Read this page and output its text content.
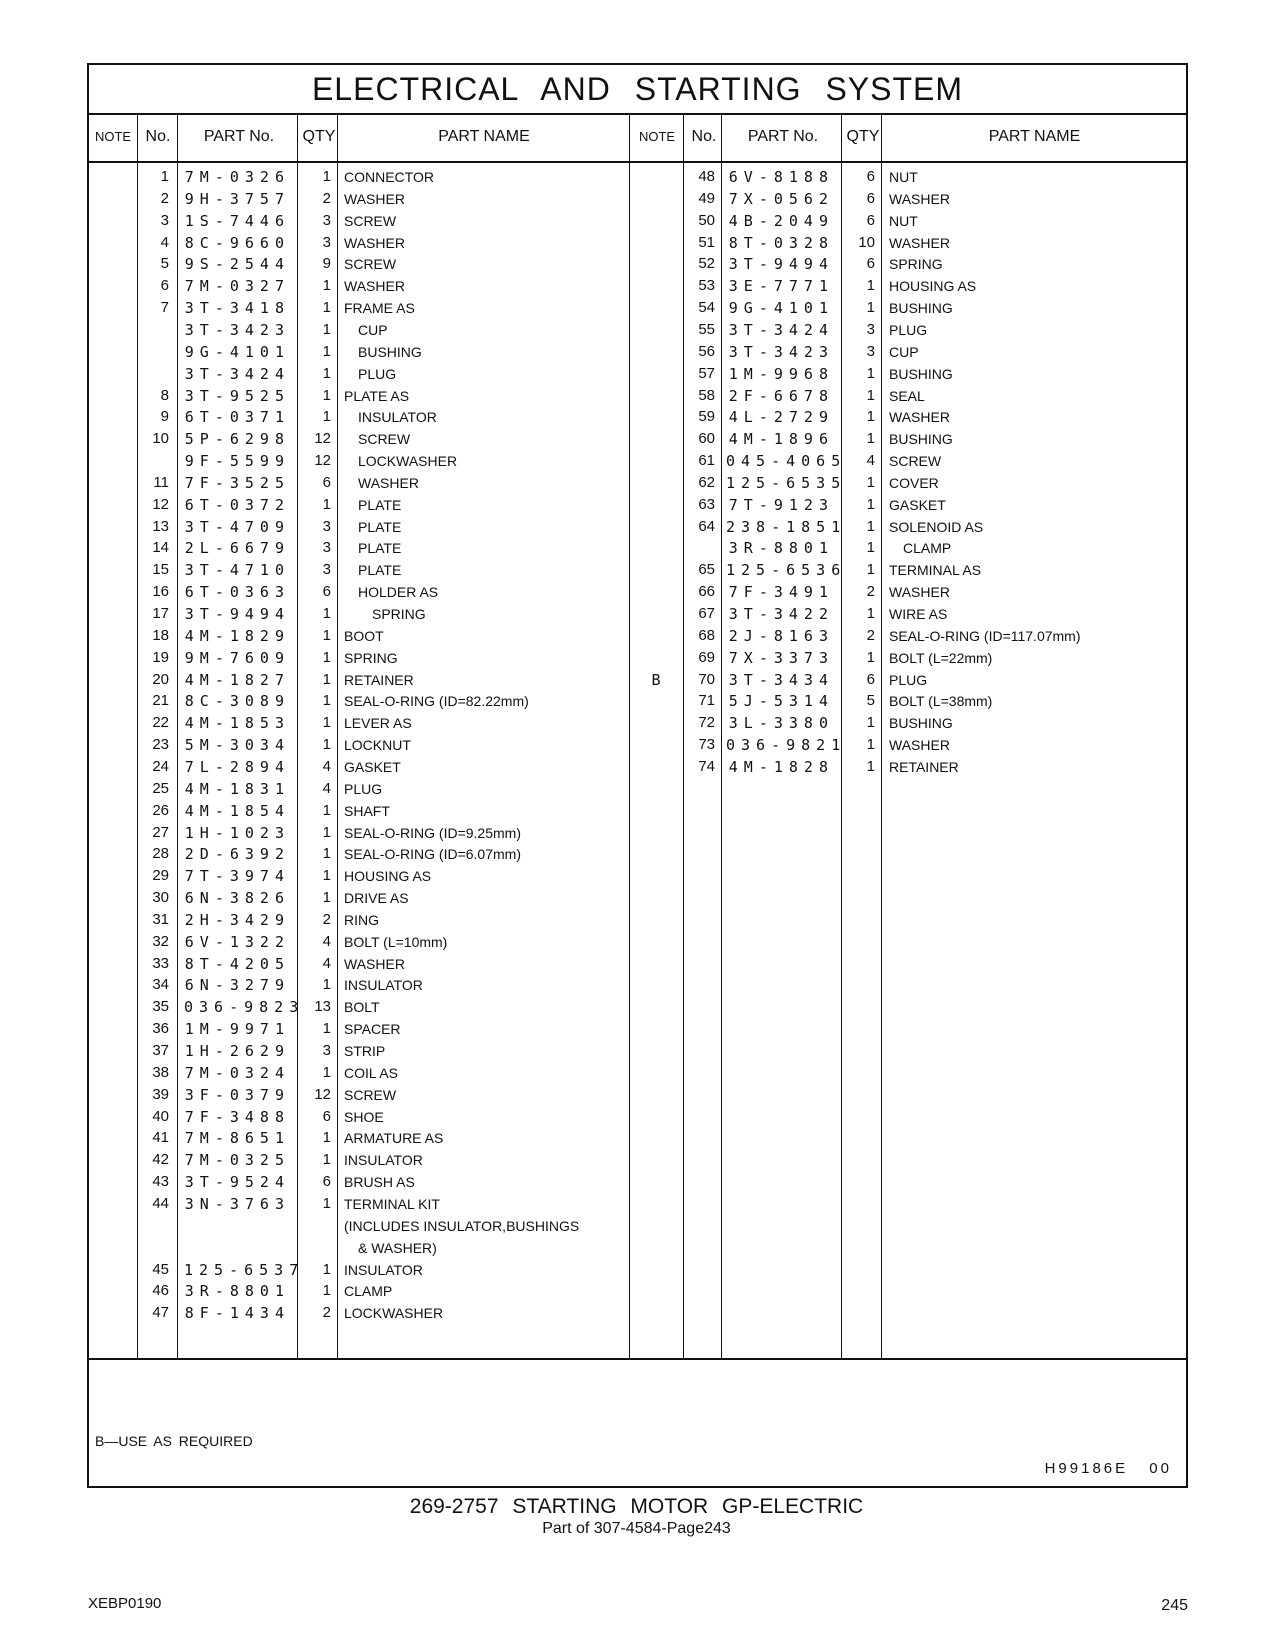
ELECTRICAL AND STARTING SYSTEM
NOTE No.	PART No.	QTY	PART NAME	NOTE	No.	PART No.	QTY	PART NAME
1 7M-0326	1 CONNECTOR
2 9H-3757	2 WASHER
3 1S-7446	3 SCREW
4 8C-9660	3 WASHER
5 9S-2544	9 SCREW
6 7M-0327	1 WASHER
7 3T-3418	1 FRAME AS
3T-3423	1 CUP
9G-4101	1 BUSHING
3T-3424	1 PLUG
8 3T-9525	1 PLATE AS
9 6T-0371	1 INSULATOR
10 5P-6298	12 SCREW
9F-5599	12 LOCKWASHER
11 7F-3525	6 WASHER
12 6T-0372	1 PLATE
13 3T-4709	3 PLATE
14 2L-6679	3 PLATE
15 3T-4710	3 PLATE
16 6T-0363	6 HOLDER AS
17 3T-9494	1	SPRING
18 4M-1829	1 BOOT
19 9M-7609	1 SPRING
20 4M-1827	1 RETAINER
21 8C-3089	1 SEAL-O-RING (ID=82.22mm)
22 4M-1853	1 LEVER AS
23 5M-3034	1 LOCKNUT
24 7L-2894	4 GASKET
25 4M-1831	4 PLUG
26 4M-1854	1 SHAFT
27 1H-1023	1 SEAL-O-RING (ID=9.25mm)
28 2D-6392	1 SEAL-O-RING (ID=6.07mm)
29 7T-3974	1 HOUSING AS
30 6N-3826	1 DRIVE AS
31 2H-3429	2 RING
32 6V-1322	4 BOLT (L=10mm)
33 8T-4205	4 WASHER
34 6N-3279	1 INSULATOR
35 036-9823 13 BOLT
36 1M-9971	1 SPACER
37 1H-2629	3 STRIP
38 7M-0324	1 COIL AS
39 3F-0379	12 SCREW
40 7F-3488	6 SHOE
41 7M-8651	1 ARMATURE AS
42 7M-0325	1 INSULATOR
43 3T-9524	6 BRUSH AS
44 3N-3763	1 TERMINAL KIT
(INCLUDES INSULATOR,BUSHINGS
& WASHER)
45 125-6537	1 INSULATOR
46 3R-8801	1 CLAMP
47 8F-1434	2 LOCKWASHER
48 6V-8188	6 NUT
49 7X-0562	6 WASHER
50 4B-2049	6 NUT
51 8T-0328	10 WASHER
52 3T-9494	6 SPRING
53 3E-7771	1 HOUSING AS
54 9G-4101	1 BUSHING
55 3T-3424	3 PLUG
56 3T-3423	3 CUP
57 1M-9968	1 BUSHING
58 2F-6678	1 SEAL
59 4L-2729	1 WASHER
60 4M-1896	1 BUSHING
61 045-4065	4 SCREW
62 125-6535	1 COVER
63 7T-9123	1 GASKET
64 238-1851	1 SOLENOID AS
3R-8801	1 CLAMP
65 125-6536	1 TERMINAL AS
66 7F-3491	2 WASHER
67 3T-3422	1 WIRE AS
68 2J-8163	2 SEAL-O-RING (ID=117.07mm)
69 7X-3373	1 BOLT (L=22mm)
B	70 3T-3434	6 PLUG
71 5J-5314	5 BOLT (L=38mm)
72 3L-3380	1 BUSHING
73 036-9821	1 WASHER
74 4M-1828	1 RETAINER
B—USE AS REQUIRED
H99186E 00
269-2757 STARTING MOTOR GP-ELECTRIC
Part of 307-4584-Page243
XEBP0190	245
